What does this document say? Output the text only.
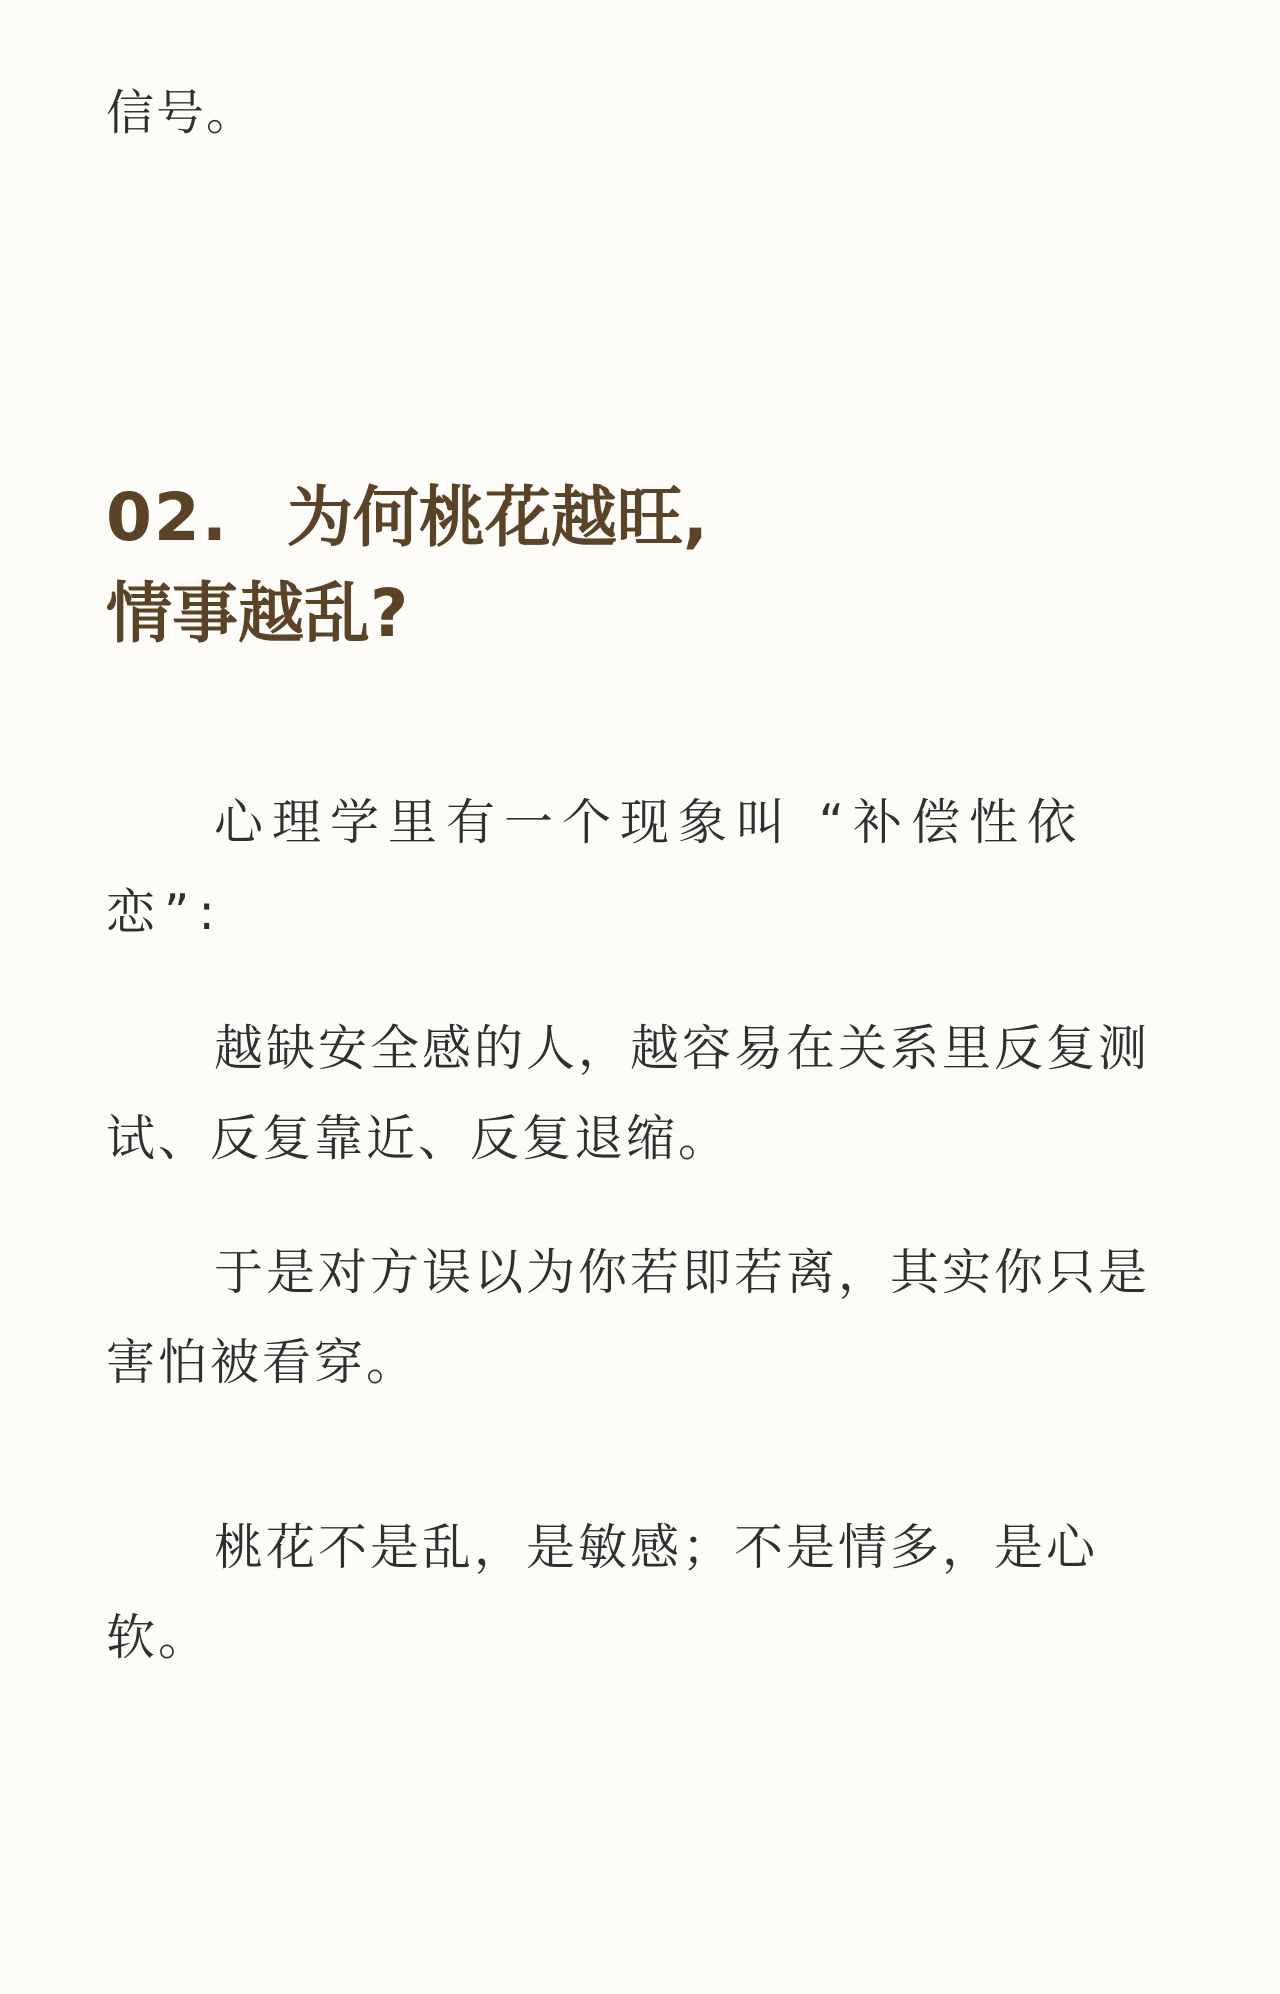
信号。

02. 为何桃花越旺,
情事越乱?

心理学里有一个现象叫 “补偿性依恋”:

越缺安全感的人，越容易在关系里反复测试、反复靠近、反复退缩。

于是对方误以为你若即若离，其实你只是害怕被看穿。

桃花不是乱，是敏感；不是情多，是心软。
